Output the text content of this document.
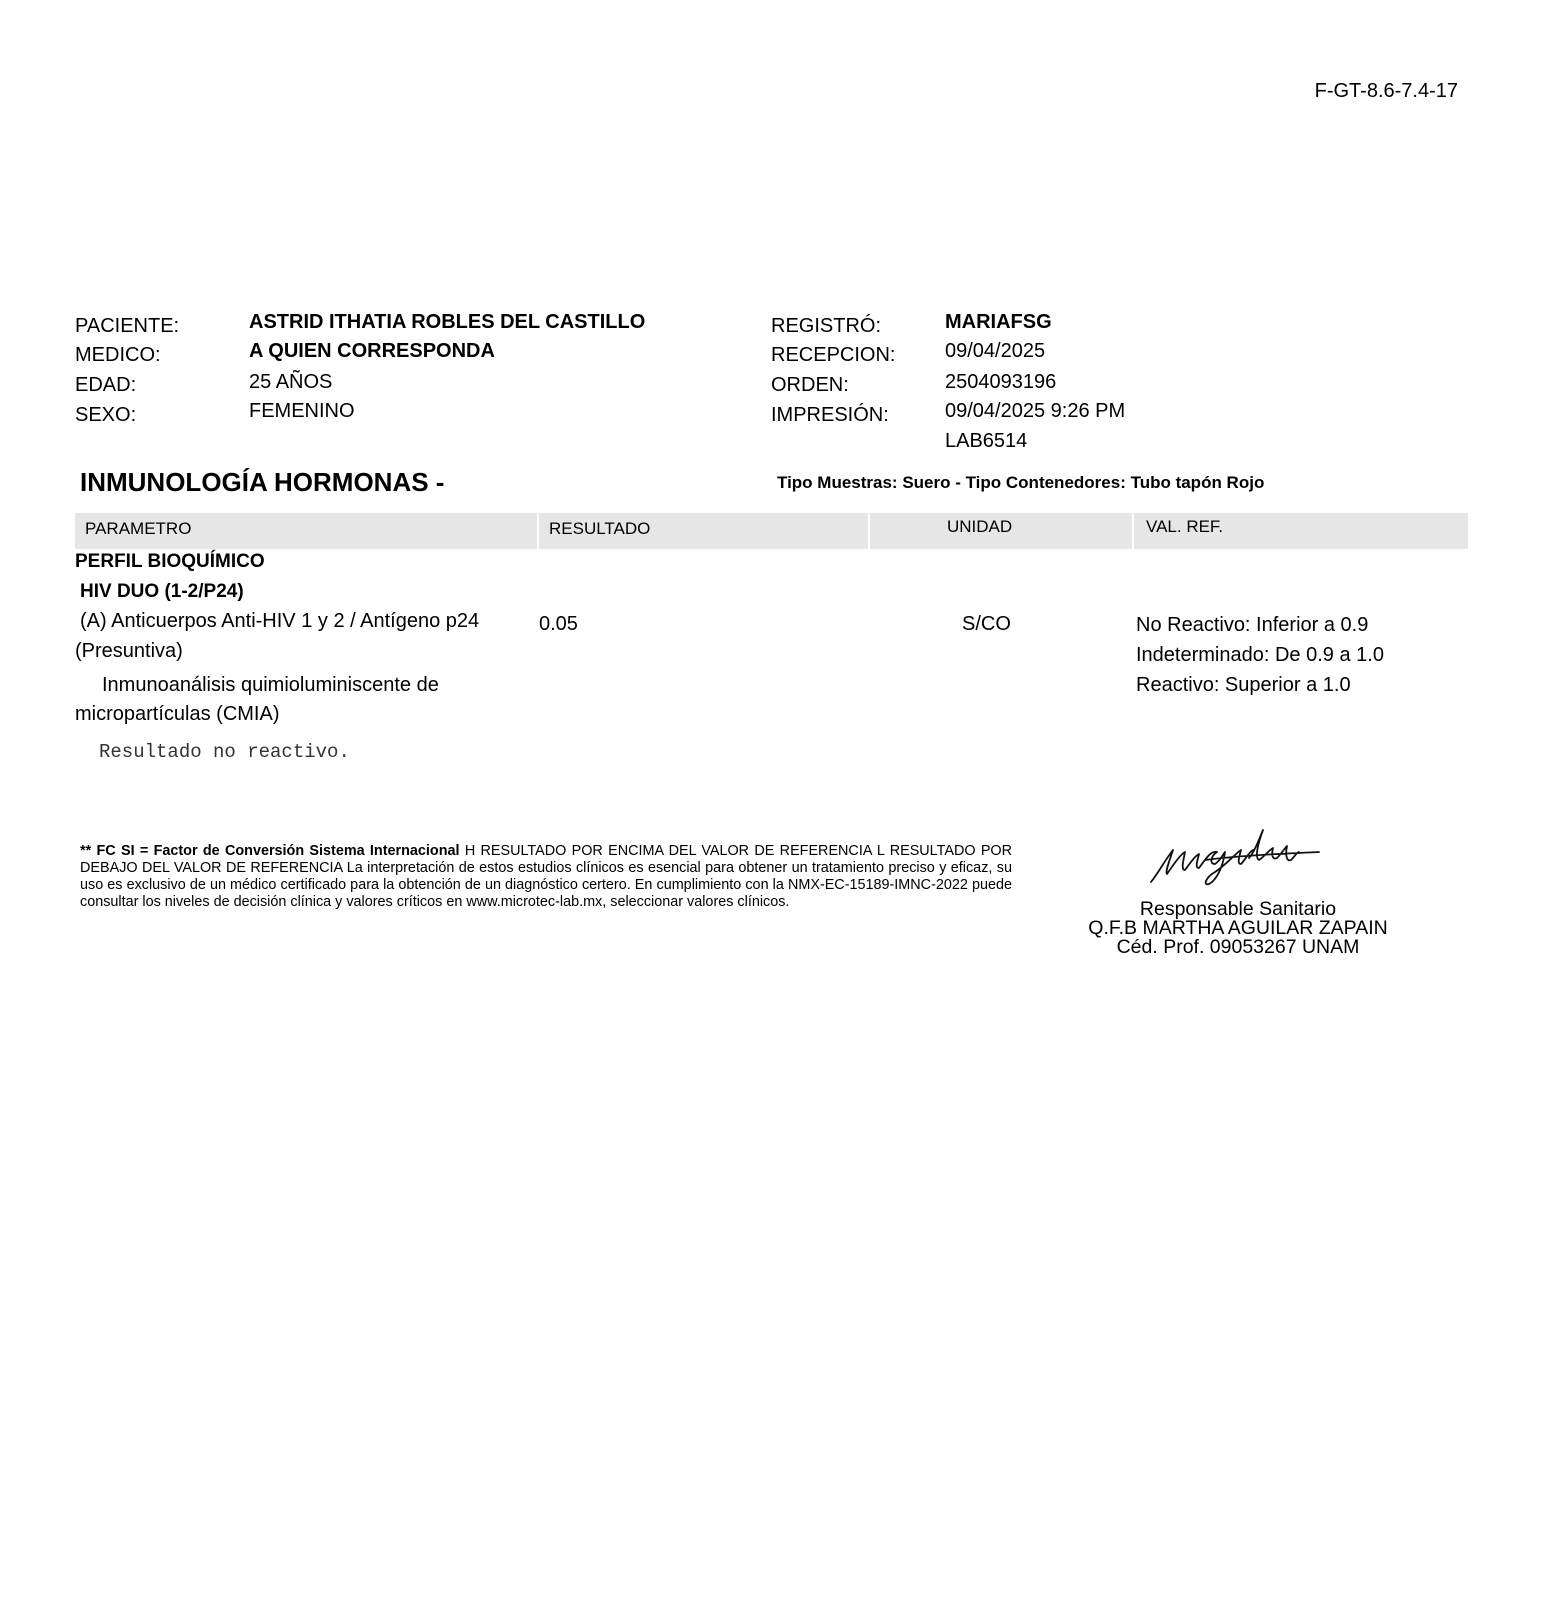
F-GT-8.6-7.4-17
PACIENTE:	ASTRID ITHATIA ROBLES DEL CASTILLO
MEDICO:	A QUIEN CORRESPONDA
EDAD:	25 AÑOS
SEXO:	FEMENINO
REGISTRÓ:	MARIAFSG
RECEPCION: 09/04/2025
ORDEN:	2504093196
IMPRESIÓN:	09/04/2025 9:26 PM
LAB6514
INMUNOLOGÍA HORMONAS -	Tipo Muestras: Suero - Tipo Contenedores: Tubo tapón Rojo
PARAMETRO	RESULTADO	UNIDAD	VAL. REF.
PERFIL BIOQUÍMICO
HIV DUO (1-2/P24)
(A) Anticuerpos Anti-HIV 1 y 2 / Antígeno p24
(Presuntiva)
Inmunoanálisis quimioluminiscente de
micropartículas (CMIA)
0.05	S/CO	No Reactivo: Inferior a 0.9
Indeterminado: De 0.9 a 1.0
Reactivo: Superior a 1.0
Resultado no reactivo.
** FC SI = Factor de Conversión Sistema Internacional H RESULTADO POR ENCIMA DEL VALOR DE REFERENCIA L RESULTADO POR DEBAJO DEL VALOR DE REFERENCIA La interpretación de estos estudios clínicos es esencial para obtener un tratamiento preciso y eficaz, su uso es exclusivo de un médico certificado para la obtención de un diagnóstico certero. En cumplimiento con la NMX-EC-15189-IMNC-2022 puede consultar los niveles de decisión clínica y valores críticos en www.microtec-lab.mx, seleccionar valores clínicos.
Maguilar
Responsable Sanitario
Q.F.B MARTHA AGUILAR ZAPAIN
Céd. Prof. 09053267 UNAM
